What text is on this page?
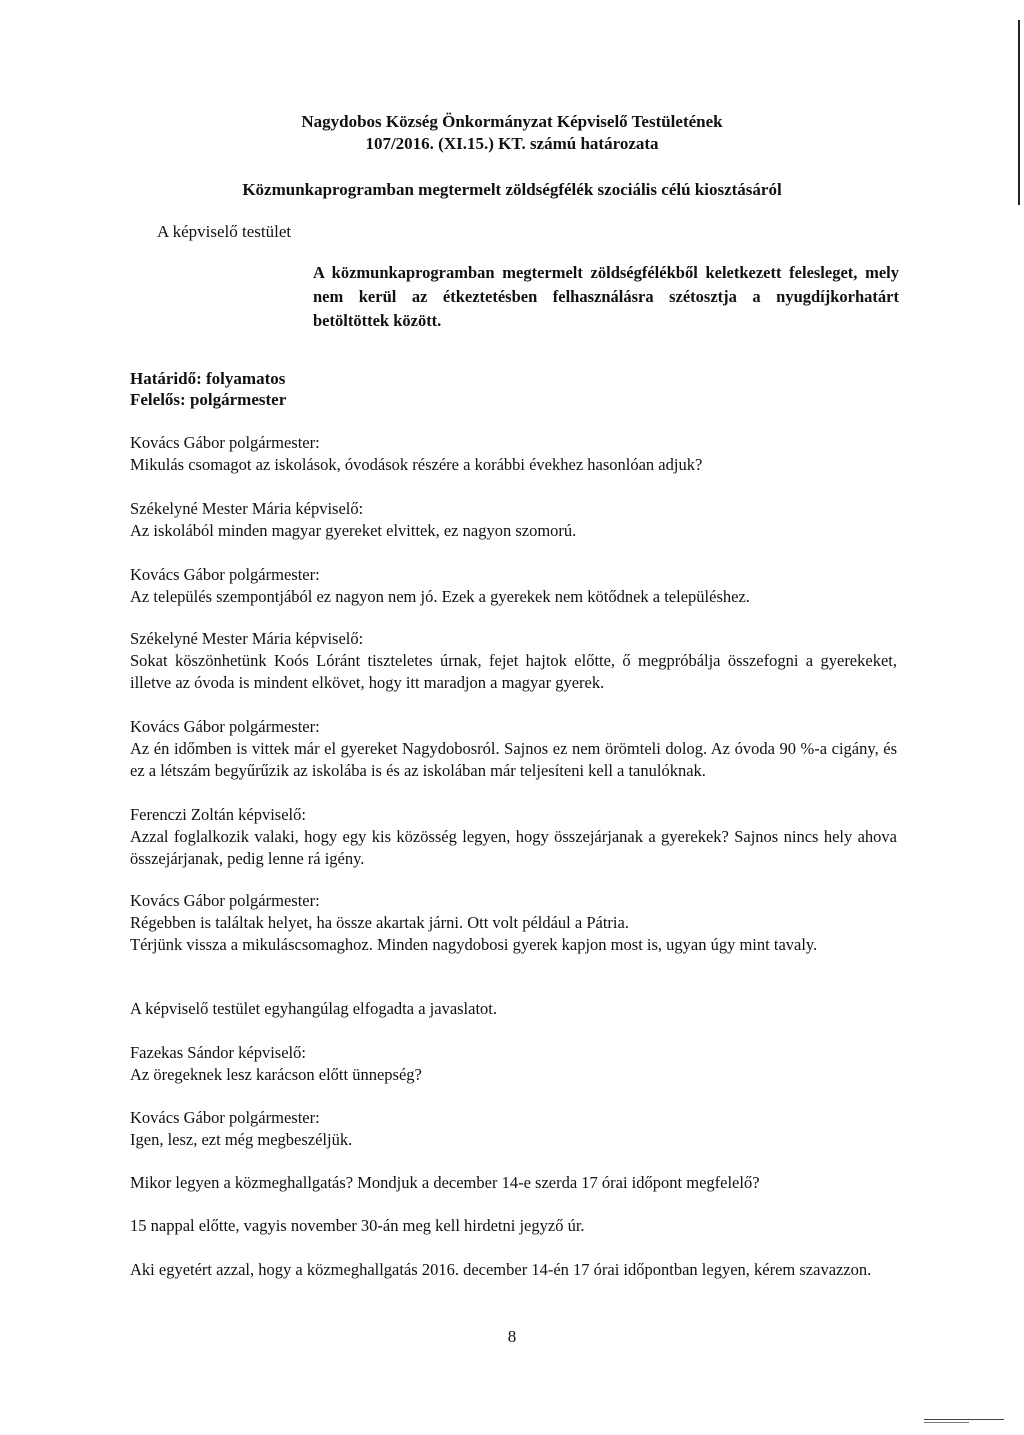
Nagydobos Község Önkormányzat Képviselő Testületének
107/2016. (XI.15.) KT. számú határozata
Közmunkaprogramban megtermelt zöldségfélék szociális célú kiosztásáról
A képviselő testület
A közmunkaprogramban megtermelt zöldségfélékből keletkezett felesleget, mely nem kerül az étkeztetésben felhasználásra szétosztja a nyugdíjkorhatárt betöltöttek között.
Határidő: folyamatos
Felelős: polgármester
Kovács Gábor polgármester:

Mikulás csomagot az iskolások, óvodások részére a korábbi évekhez hasonlóan adjuk?

Székelyné Mester Mária képviselő:

Az iskolából minden magyar gyereket elvittek, ez nagyon szomorú.

Kovács Gábor polgármester:

Az település szempontjából ez nagyon nem jó. Ezek a gyerekek nem kötődnek a településhez.

Székelyné Mester Mária képviselő:

Sokat köszönhetünk Koós Lóránt tiszteletes úrnak, fejet hajtok előtte, ő megpróbálja összefogni a gyerekeket, illetve az óvoda is mindent elkövet, hogy itt maradjon a magyar gyerek.

Kovács Gábor polgármester:

Az én időmben is vittek már el gyereket Nagydobosról. Sajnos ez nem örömteli dolog. Az óvoda 90 %-a cigány, és ez a létszám begyűrűzik az iskolába is és az iskolában már teljesíteni kell a tanulóknak.

Ferenczi Zoltán képviselő:

Azzal foglalkozik valaki, hogy egy kis közösség legyen, hogy összejárjanak a gyerekek? Sajnos nincs hely ahova összejárjanak, pedig lenne rá igény.

Kovács Gábor polgármester:

Régebben is találtak helyet, ha össze akartak járni. Ott volt például a Pátria.

Térjünk vissza a mikuláscsomaghoz. Minden nagydobosi gyerek kapjon most is, ugyan úgy mint tavaly.

A képviselő testület egyhangúlag elfogadta a javaslatot.

Fazekas Sándor képviselő:

Az öregeknek lesz karácson előtt ünnepség?

Kovács Gábor polgármester:

Igen, lesz, ezt még megbeszéljük.

Mikor legyen a közmeghallgatás? Mondjuk a december 14-e szerda 17 órai időpont megfelelő?

15 nappal előtte, vagyis november 30-án meg kell hirdetni jegyző úr.

Aki egyetért azzal, hogy a közmeghallgatás 2016. december 14-én 17 órai időpontban legyen, kérem szavazzon.

8
